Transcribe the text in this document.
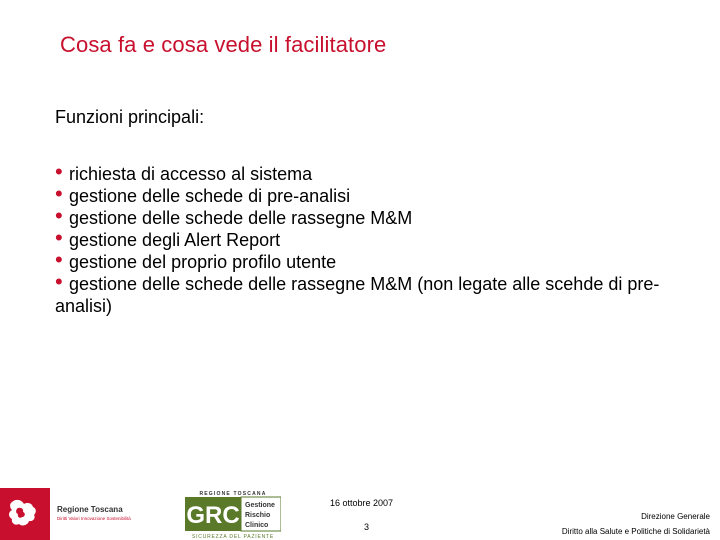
Cosa fa e cosa vede il facilitatore
Funzioni principali:
• richiesta di accesso al sistema
• gestione delle schede di pre-analisi
• gestione delle schede delle rassegne M&M
• gestione degli Alert Report
• gestione del proprio profilo utente
• gestione delle schede delle rassegne M&M (non legate alle scehde di pre-analisi)
Regione Toscana
Diritti Valori Innovazione Sostenibilità
REGIONE TOSCANA
GRC Gestione
Rischio
Clinico
SICUREZZA DEL PAZIENTE
16 ottobre 2007
3
Direzione Generale
Diritto alla Salute e Politiche di Solidarietà
